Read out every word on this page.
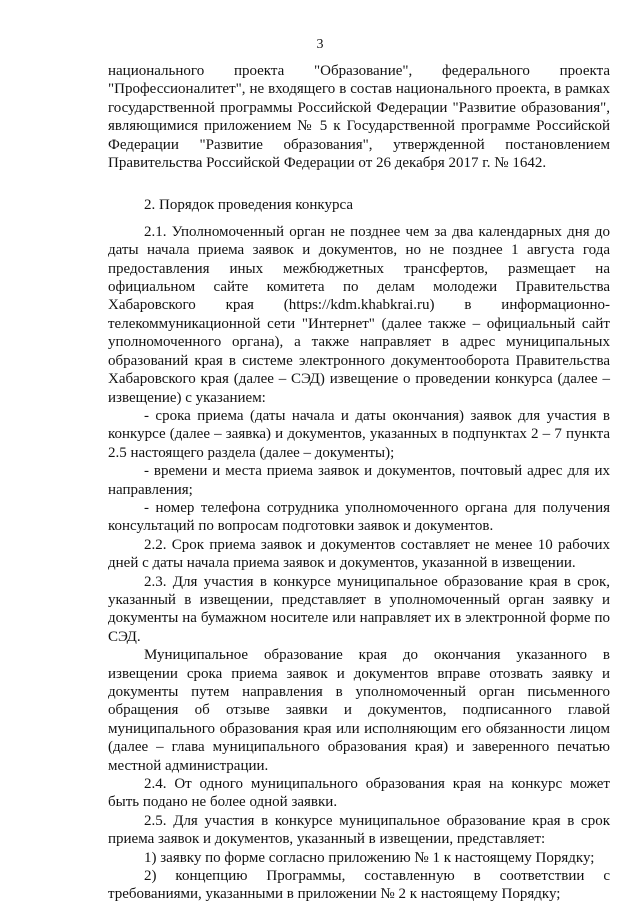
3

национального проекта "Образование", федерального проекта "Профессионалитет", не входящего в состав национального проекта, в рамках государственной программы Российской Федерации "Развитие образования", являющимися приложением № 5 к Государственной программе Российской Федерации "Развитие образования", утвержденной постановлением Правительства Российской Федерации от 26 декабря 2017 г. № 1642.

2. Порядок проведения конкурса

2.1. Уполномоченный орган не позднее чем за два календарных дня до даты начала приема заявок и документов, но не позднее 1 августа года предоставления иных межбюджетных трансфертов, размещает на официальном сайте комитета по делам молодежи Правительства Хабаровского края (https://kdm.khabkrai.ru) в информационно-телекоммуникационной сети "Интернет" (далее также – официальный сайт уполномоченного органа), а также направляет в адрес муниципальных образований края в системе электронного документооборота Правительства Хабаровского края (далее – СЭД) извещение о проведении конкурса (далее – извещение) с указанием:

- срока приема (даты начала и даты окончания) заявок для участия в конкурсе (далее – заявка) и документов, указанных в подпунктах 2 – 7 пункта 2.5 настоящего раздела (далее – документы);

- времени и места приема заявок и документов, почтовый адрес для их направления;

- номер телефона сотрудника уполномоченного органа для получения консультаций по вопросам подготовки заявок и документов.

2.2. Срок приема заявок и документов составляет не менее 10 рабочих дней с даты начала приема заявок и документов, указанной в извещении.

2.3. Для участия в конкурсе муниципальное образование края в срок, указанный в извещении, представляет в уполномоченный орган заявку и документы на бумажном носителе или направляет их в электронной форме по СЭД.

Муниципальное образование края до окончания указанного в извещении срока приема заявок и документов вправе отозвать заявку и документы путем направления в уполномоченный орган письменного обращения об отзыве заявки и документов, подписанного главой муниципального образования края или исполняющим его обязанности лицом (далее – глава муниципального образования края) и заверенного печатью местной администрации.

2.4. От одного муниципального образования края на конкурс может быть подано не более одной заявки.

2.5. Для участия в конкурсе муниципальное образование края в срок приема заявок и документов, указанный в извещении, представляет:

1) заявку по форме согласно приложению № 1 к настоящему Порядку;

2) концепцию Программы, составленную в соответствии с требованиями, указанными в приложении № 2 к настоящему Порядку;
